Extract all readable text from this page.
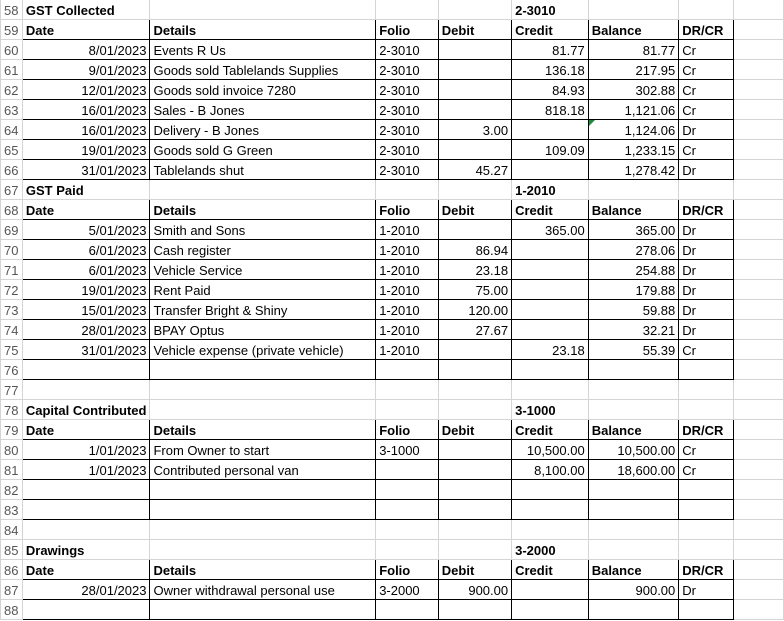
58	GST Collected				2-3010			
59	Date	Details	Folio	Debit	Credit	Balance	DR/CR	
60	8/01/2023	Events R Us	2-3010		81.77	81.77	Cr	
61	9/01/2023	Goods sold Tablelands Supplies	2-3010		136.18	217.95	Cr	
62	12/01/2023	Goods sold invoice 7280	2-3010		84.93	302.88	Cr	
63	16/01/2023	Sales - B Jones	2-3010		818.18	1,121.06	Cr	
64	16/01/2023	Delivery - B Jones	2-3010	3.00		1,124.06	Dr	
65	19/01/2023	Goods sold G Green	2-3010		109.09	1,233.15	Cr	
66	31/01/2023	Tablelands shut	2-3010	45.27		1,278.42	Dr	
67	GST Paid				1-2010			
68	Date	Details	Folio	Debit	Credit	Balance	DR/CR	
69	5/01/2023	Smith and Sons	1-2010		365.00	365.00	Dr	
70	6/01/2023	Cash register	1-2010	86.94		278.06	Dr	
71	6/01/2023	Vehicle Service	1-2010	23.18		254.88	Dr	
72	19/01/2023	Rent Paid	1-2010	75.00		179.88	Dr	
73	15/01/2023	Transfer Bright & Shiny	1-2010	120.00		59.88	Dr	
74	28/01/2023	BPAY Optus	1-2010	27.67		32.21	Dr	
75	31/01/2023	Vehicle expense (private vehicle)	1-2010		23.18	55.39	Cr	
76								
77								
78	Capital Contributed				3-1000			
79	Date	Details	Folio	Debit	Credit	Balance	DR/CR	
80	1/01/2023	From Owner to start	3-1000		10,500.00	10,500.00	Cr	
81	1/01/2023	Contributed personal van			8,100.00	18,600.00	Cr	
82								
83								
84								
85	Drawings				3-2000			
86	Date	Details	Folio	Debit	Credit	Balance	DR/CR	
87	28/01/2023	Owner withdrawal personal use	3-2000	900.00		900.00	Dr	
88								
